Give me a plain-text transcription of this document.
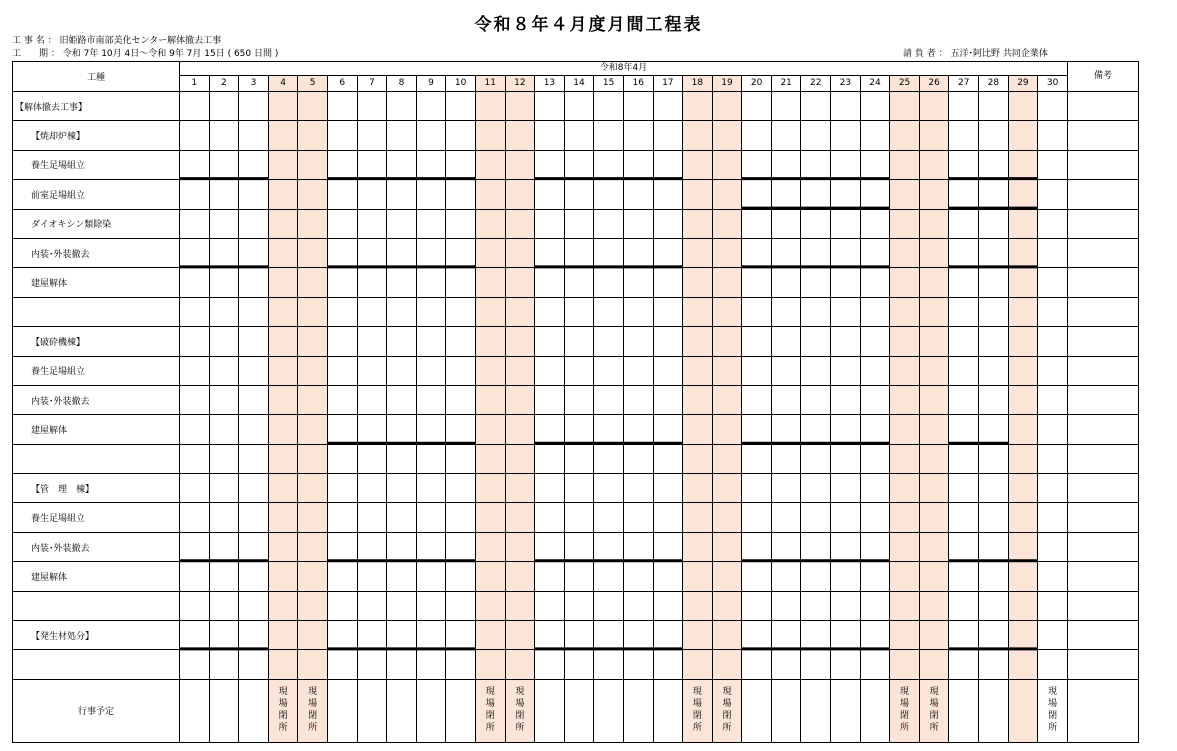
令和８年４月度月間工程表
工 事 名 ： 旧姫路市南部美化センター解体撤去工事
工　　期 ： 令和 7年 10月 4日～令和 9年 7月 15日 ( 650 日間 )	請 負 者 ： 五洋･阿比野 共同企業体
工種	令和8年4月																														備考
	1	2	3	4	5	6	7	8	9	10	11	12	13	14	15	16	17	18	19	20	21	22	23	24	25	26	27	28	29	30	
【解体撤去工事】																															
【焼却炉棟】																															
養生足場組立																															
前室足場組立																															
ダイオキシン類除染																															
内装･外装撤去																															
建屋解体																															

【破砕機棟】																															
養生足場組立																															
内装･外装撤去																															
建屋解体																															

【管　理　棟】																															
養生足場組立																															
内装･外装撤去																															
建屋解体																															

【発生材処分】																															

行事予定				現場閉所	現場閉所						現場閉所	現場閉所						現場閉所	現場閉所						現場閉所	現場閉所				現場閉所	
